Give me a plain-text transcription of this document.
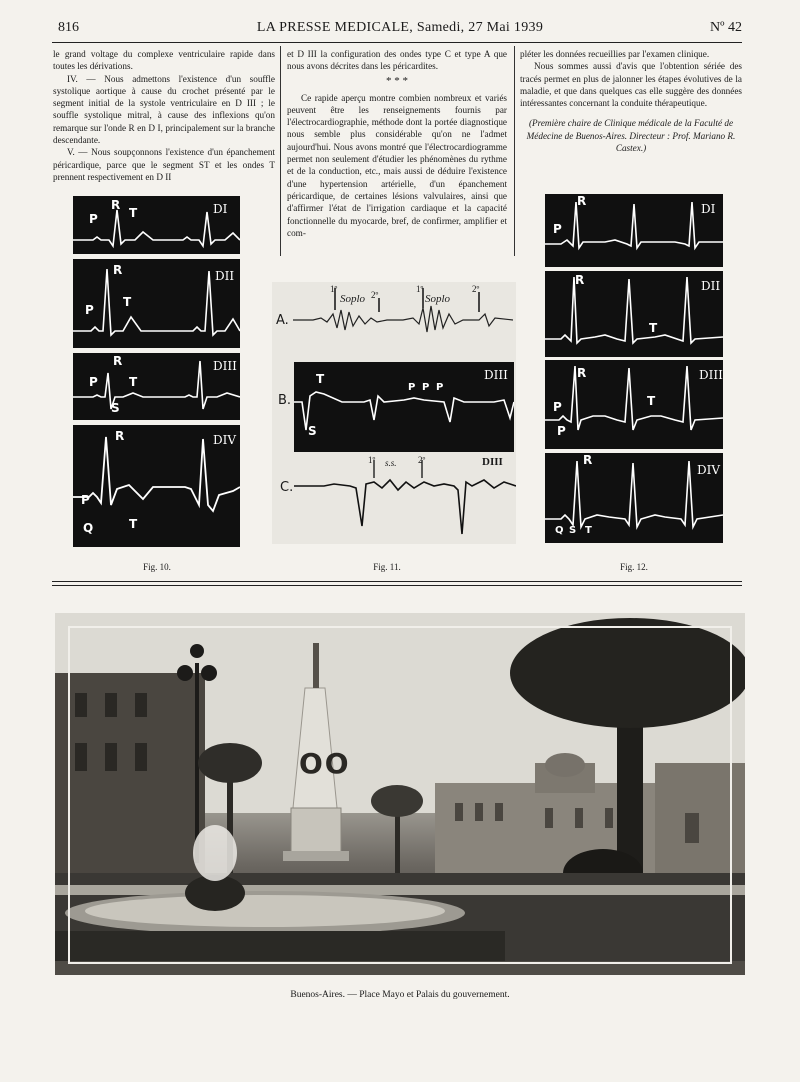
816	LA PRESSE MEDICALE, Samedi, 27 Mai 1939	Nº 42

le grand voltage du complexe ventriculaire rapide dans toutes les dérivations.

IV. — Nous admettons l'existence d'un souffle systolique aortique à cause du crochet présenté par le segment initial de la systole ventriculaire en D III ; le souffle systolique mitral, à cause des inflexions qu'on remarque sur l'onde R en D I, principalement sur la branche descendante.

V. — Nous soupçonnons l'existence d'un épanchement péricardique, parce que le segment ST et les ondes T prennent respectivement en D II

et D III la configuration des ondes type C et type A que nous avons décrites dans les péricardites.

* * *

Ce rapide aperçu montre combien nombreux et variés peuvent être les renseignements fournis par l'électrocardiographie, méthode dont la portée diagnostique nous semble plus considérable qu'on ne l'admet aujourd'hui. Nous avons montré que l'électrocardiogramme permet non seulement d'étudier les phénomènes du rythme et de la conduction, etc., mais aussi de déduire l'existence d'une hypertension artérielle, d'un épanchement péricardique, de certaines lésions valvulaires, ainsi que d'affirmer l'état de l'irrigation cardiaque et la capacité fonctionnelle du myocarde, bref, de confirmer, amplifier et com-

pléter les données recueillies par l'examen clinique.

Nous sommes aussi d'avis que l'obtention sériée des tracés permet en plus de jalonner les étapes évolutives de la maladie, et que dans quelques cas elle suggère des données intéressantes concernant la conduite thérapeutique.

(Première chaire de Clinique médicale de la Faculté de Médecine de Buenos-Aires. Directeur : Prof. Mariano R. Castex.)

P
R
T	DI
P
R
T
DII
P
R
S
T
DIII
P
Q
R
T
DIV
Fig. 10.
A.
1º
Soplo 2º
1º
Soplo
2º
B.
T
P P P
S
DIII
C.
1º s.s. 2º	DIII
Fig. 11.
P
R
DI
R
T
DII
P
R
P
T
DIII
R
Q S T
DIV
Fig. 12.
OO
Buenos-Aires. — Place Mayo et Palais du gouvernement.
